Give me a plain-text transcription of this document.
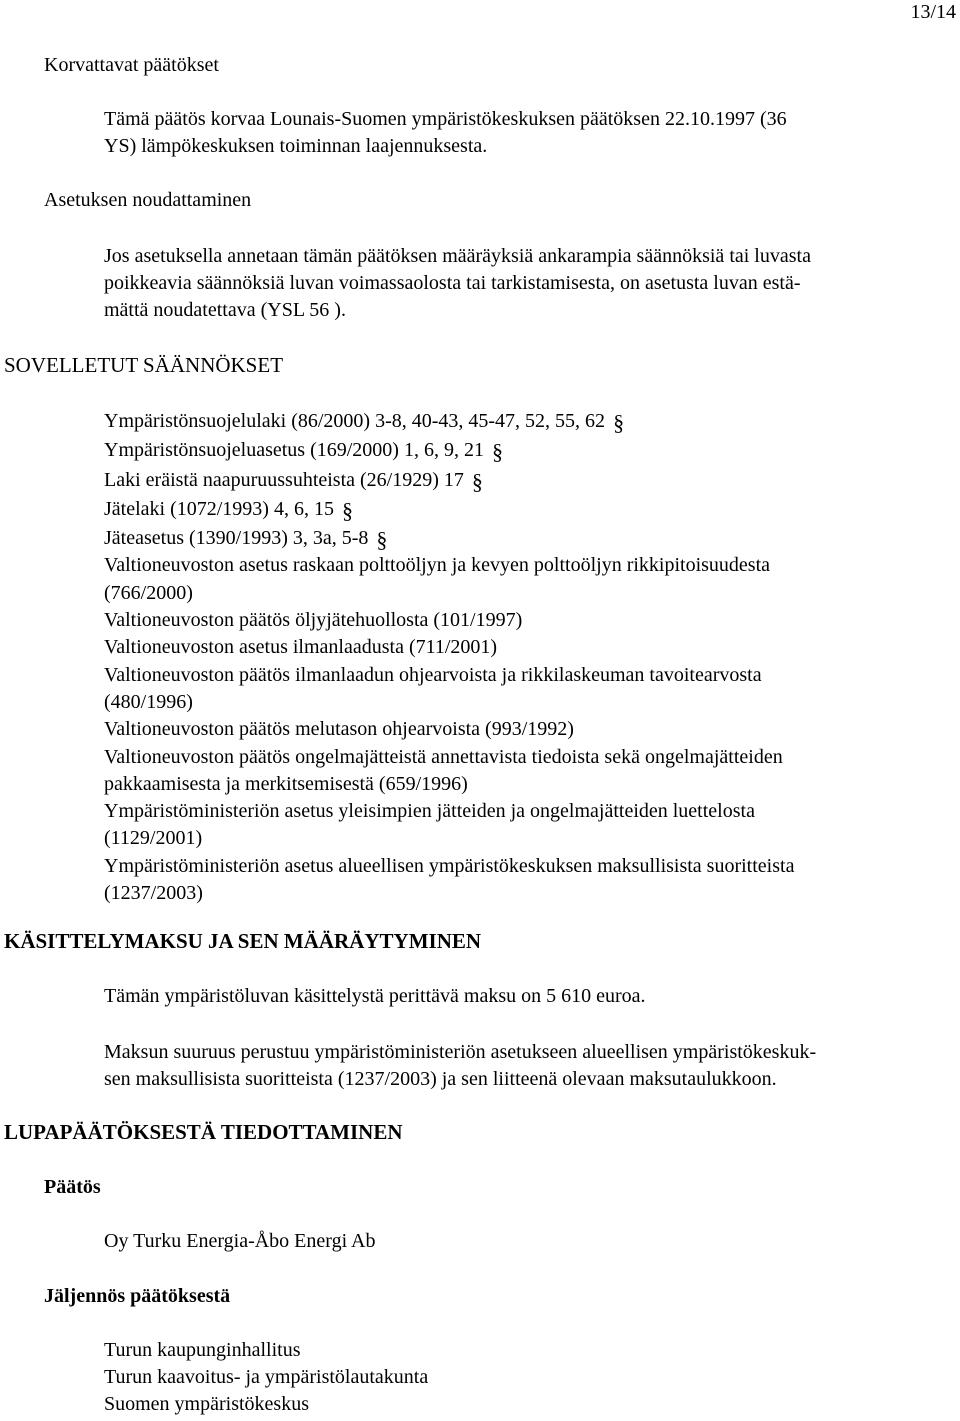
13/14
Korvattavat päätökset
Tämä päätös korvaa Lounais-Suomen ympäristökeskuksen päätöksen 22.10.1997 (36
YS) lämpökeskuksen toiminnan laajennuksesta.
Asetuksen noudattaminen
Jos asetuksella annetaan tämän päätöksen määräyksiä ankarampia säännöksiä tai luvasta
poikkeavia säännöksiä luvan voimassaolosta tai tarkistamisesta, on asetusta luvan estä-
mättä noudatettava (YSL 56 ).
SOVELLETUT SÄÄNNÖKSET
Ympäristönsuojelulaki (86/2000) 3-8, 40-43, 45-47, 52, 55, 62 §
Ympäristönsuojeluasetus (169/2000) 1, 6, 9, 21 §
Laki eräistä naapuruussuhteista (26/1929) 17 §
Jätelaki (1072/1993) 4, 6, 15 §
Jäteasetus (1390/1993) 3, 3a, 5-8 §
Valtioneuvoston asetus raskaan polttoöljyn ja kevyen polttoöljyn rikkipitoisuudesta
(766/2000)
Valtioneuvoston päätös öljyjätehuollosta (101/1997)
Valtioneuvoston asetus ilmanlaadusta (711/2001)
Valtioneuvoston päätös ilmanlaadun ohjearvoista ja rikkilaskeuman tavoitearvosta
(480/1996)
Valtioneuvoston päätös melutason ohjearvoista (993/1992)
Valtioneuvoston päätös ongelmajätteistä annettavista tiedoista sekä ongelmajätteiden
pakkaamisesta ja merkitsemisestä (659/1996)
Ympäristöministeriön asetus yleisimpien jätteiden ja ongelmajätteiden luettelosta
(1129/2001)
Ympäristöministeriön asetus alueellisen ympäristökeskuksen maksullisista suoritteista
(1237/2003)
KÄSITTELYMAKSU JA SEN MÄÄRÄYTYMINEN
Tämän ympäristöluvan käsittelystä perittävä maksu on 5 610 euroa.
Maksun suuruus perustuu ympäristöministeriön asetukseen alueellisen ympäristökeskuk-
sen maksullisista suoritteista (1237/2003) ja sen liitteenä olevaan maksutaulukkoon.
LUPAPÄÄTÖKSESTÄ TIEDOTTAMINEN
Päätös
Oy Turku Energia-Åbo Energi Ab
Jäljennös päätöksestä
Turun kaupunginhallitus
Turun kaavoitus- ja ympäristölautakunta
Suomen ympäristökeskus
